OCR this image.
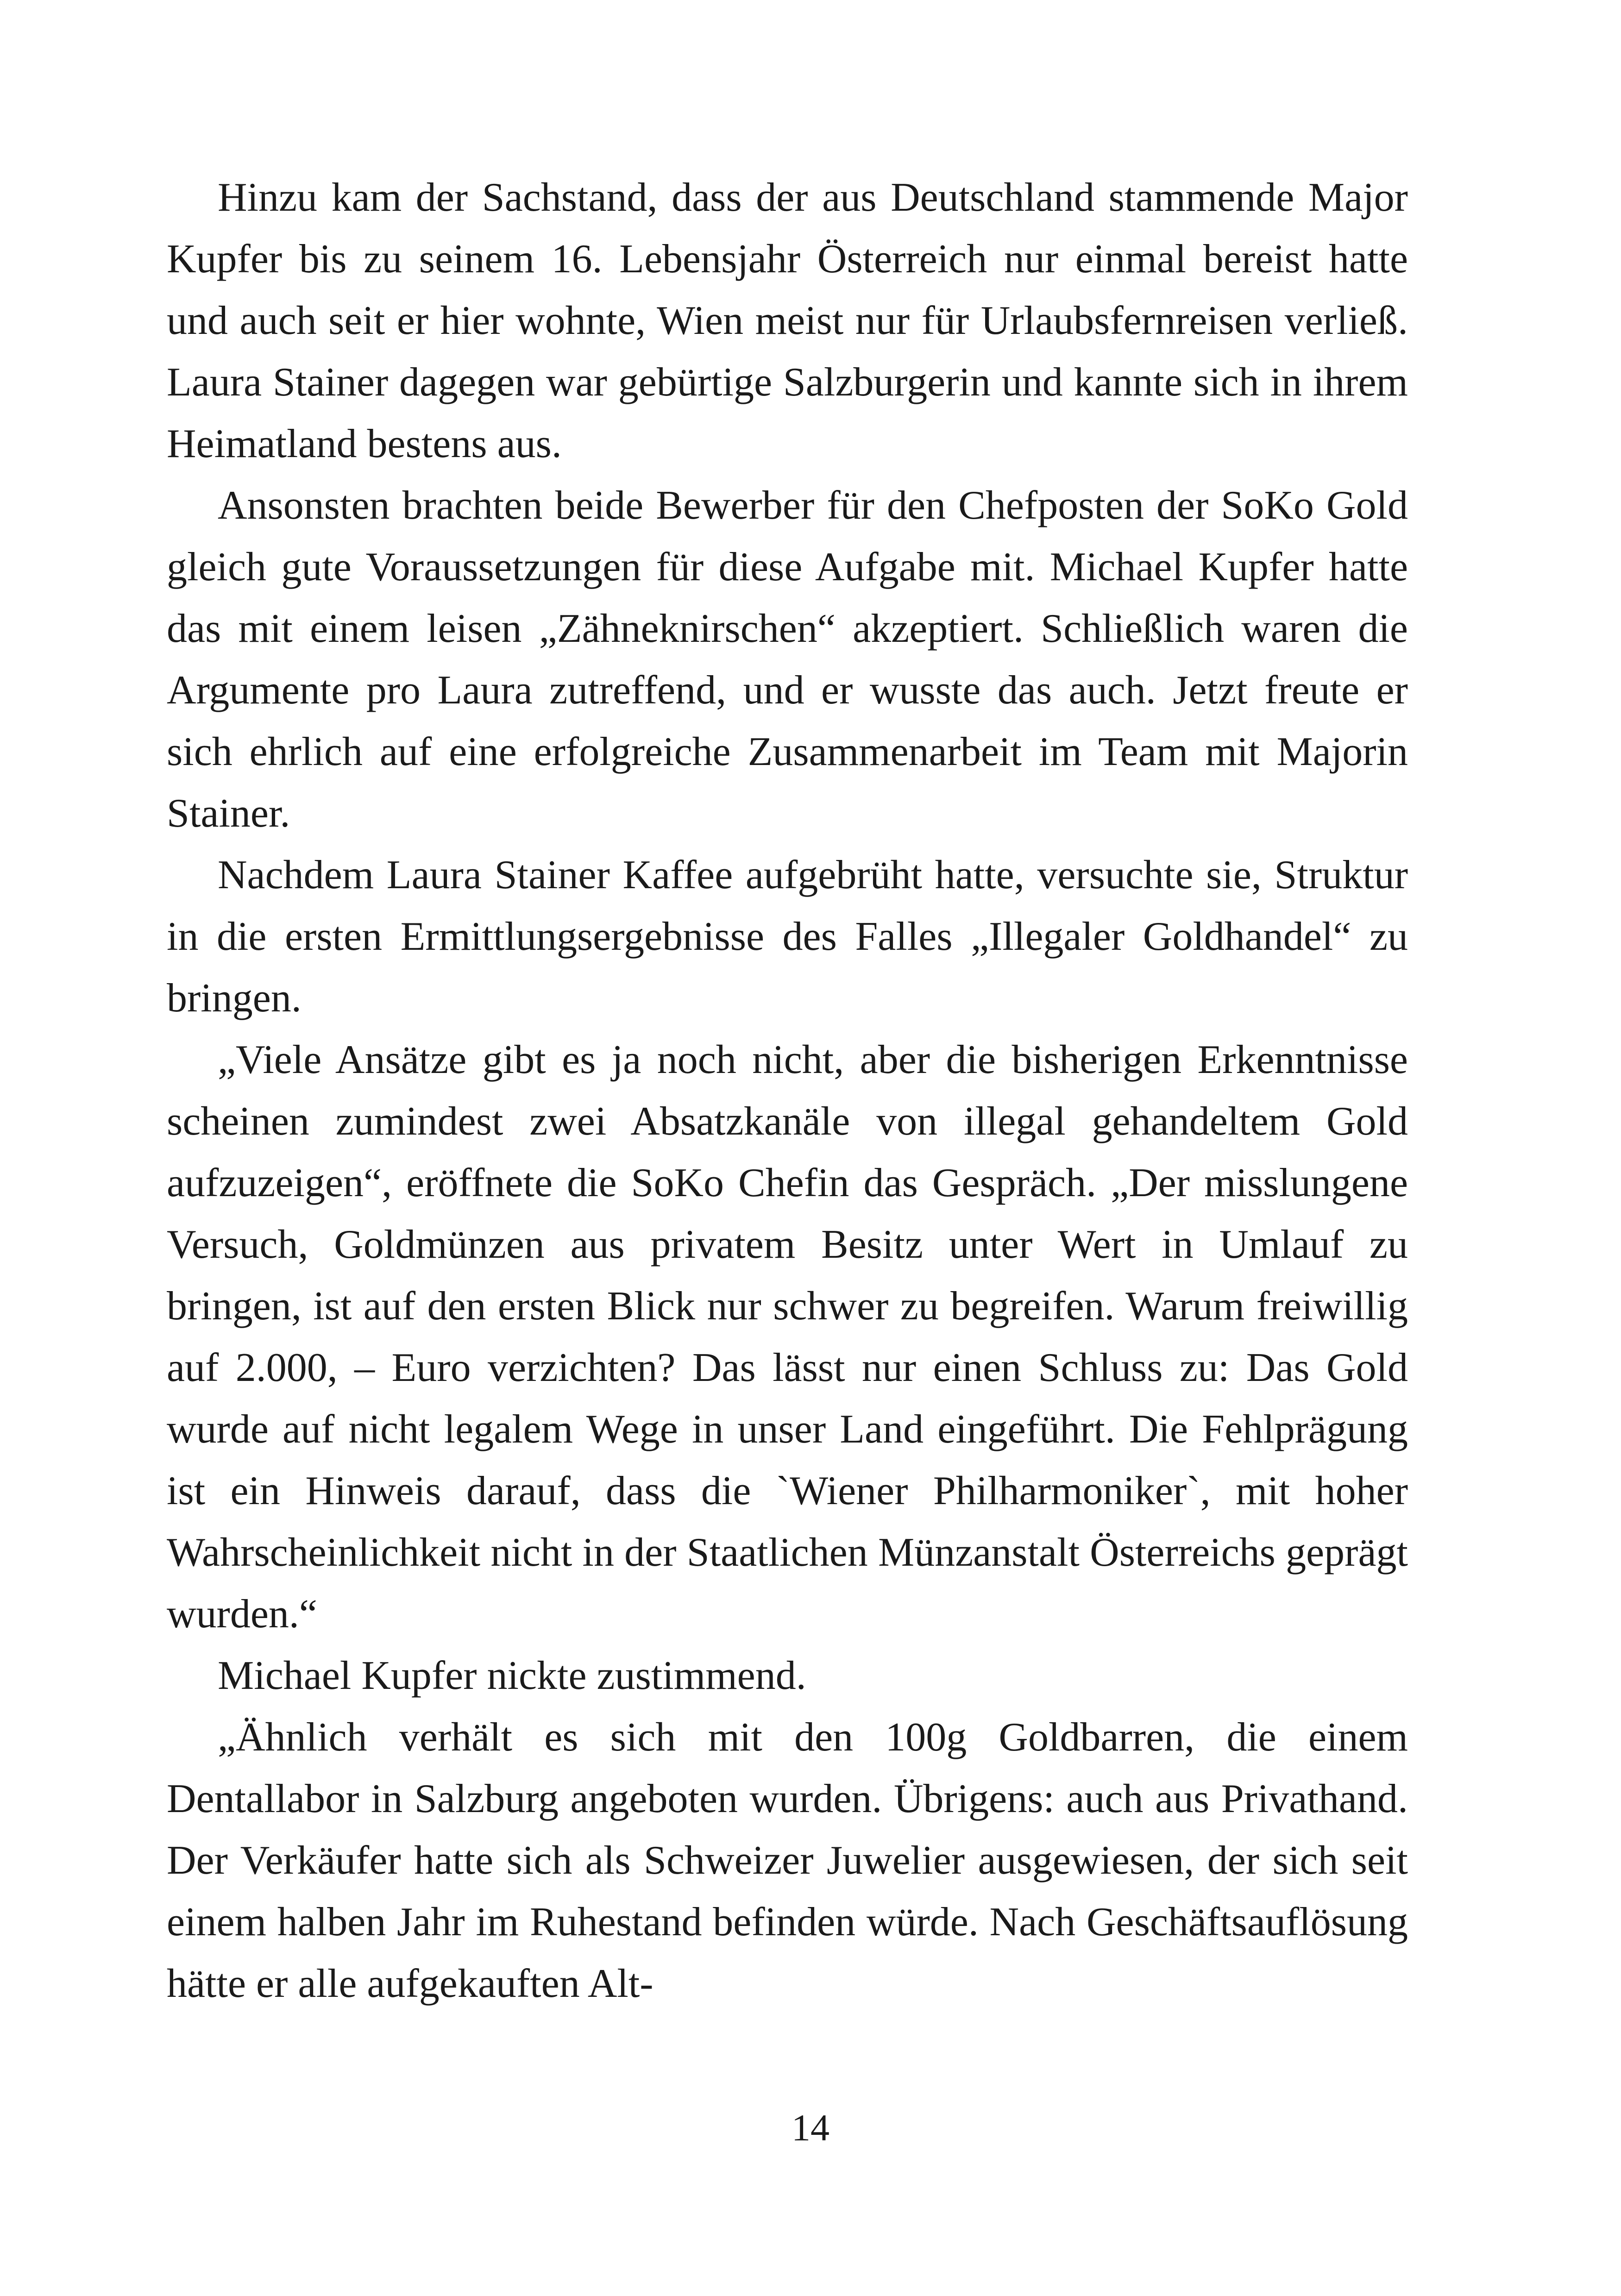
Hinzu kam der Sachstand, dass der aus Deutschland stammende Major Kupfer bis zu seinem 16. Lebensjahr Österreich nur einmal bereist hatte und auch seit er hier wohnte, Wien meist nur für Urlaubsfernreisen verließ. Laura Stainer dagegen war gebürtige Salzburgerin und kannte sich in ihrem Heimatland bestens aus.

Ansonsten brachten beide Bewerber für den Chefposten der SoKo Gold gleich gute Voraussetzungen für diese Aufgabe mit. Michael Kupfer hatte das mit einem leisen „Zähneknirschen“ akzeptiert. Schließlich waren die Argumente pro Laura zutreffend, und er wusste das auch. Jetzt freute er sich ehrlich auf eine erfolgreiche Zusammenarbeit im Team mit Majorin Stainer.

Nachdem Laura Stainer Kaffee aufgebrüht hatte, versuchte sie, Struktur in die ersten Ermittlungsergebnisse des Falles „Illegaler Goldhandel“ zu bringen.

„Viele Ansätze gibt es ja noch nicht, aber die bisherigen Erkenntnisse scheinen zumindest zwei Absatzkanäle von illegal gehandeltem Gold aufzuzeigen“, eröffnete die SoKo Chefin das Gespräch. „Der misslungene Versuch, Goldmünzen aus privatem Besitz unter Wert in Umlauf zu bringen, ist auf den ersten Blick nur schwer zu begreifen. Warum freiwillig auf 2.000, – Euro verzichten? Das lässt nur einen Schluss zu: Das Gold wurde auf nicht legalem Wege in unser Land eingeführt. Die Fehlprägung ist ein Hinweis darauf, dass die `Wiener Philharmoniker`, mit hoher Wahrscheinlichkeit nicht in der Staatlichen Münzanstalt Österreichs geprägt wurden.“

Michael Kupfer nickte zustimmend.

„Ähnlich verhält es sich mit den 100g Goldbarren, die einem Dentallabor in Salzburg angeboten wurden. Übrigens: auch aus Privathand. Der Verkäufer hatte sich als Schweizer Juwelier ausgewiesen, der sich seit einem halben Jahr im Ruhestand befinden würde. Nach Geschäftsauflösung hätte er alle aufgekauften Alt-

14
